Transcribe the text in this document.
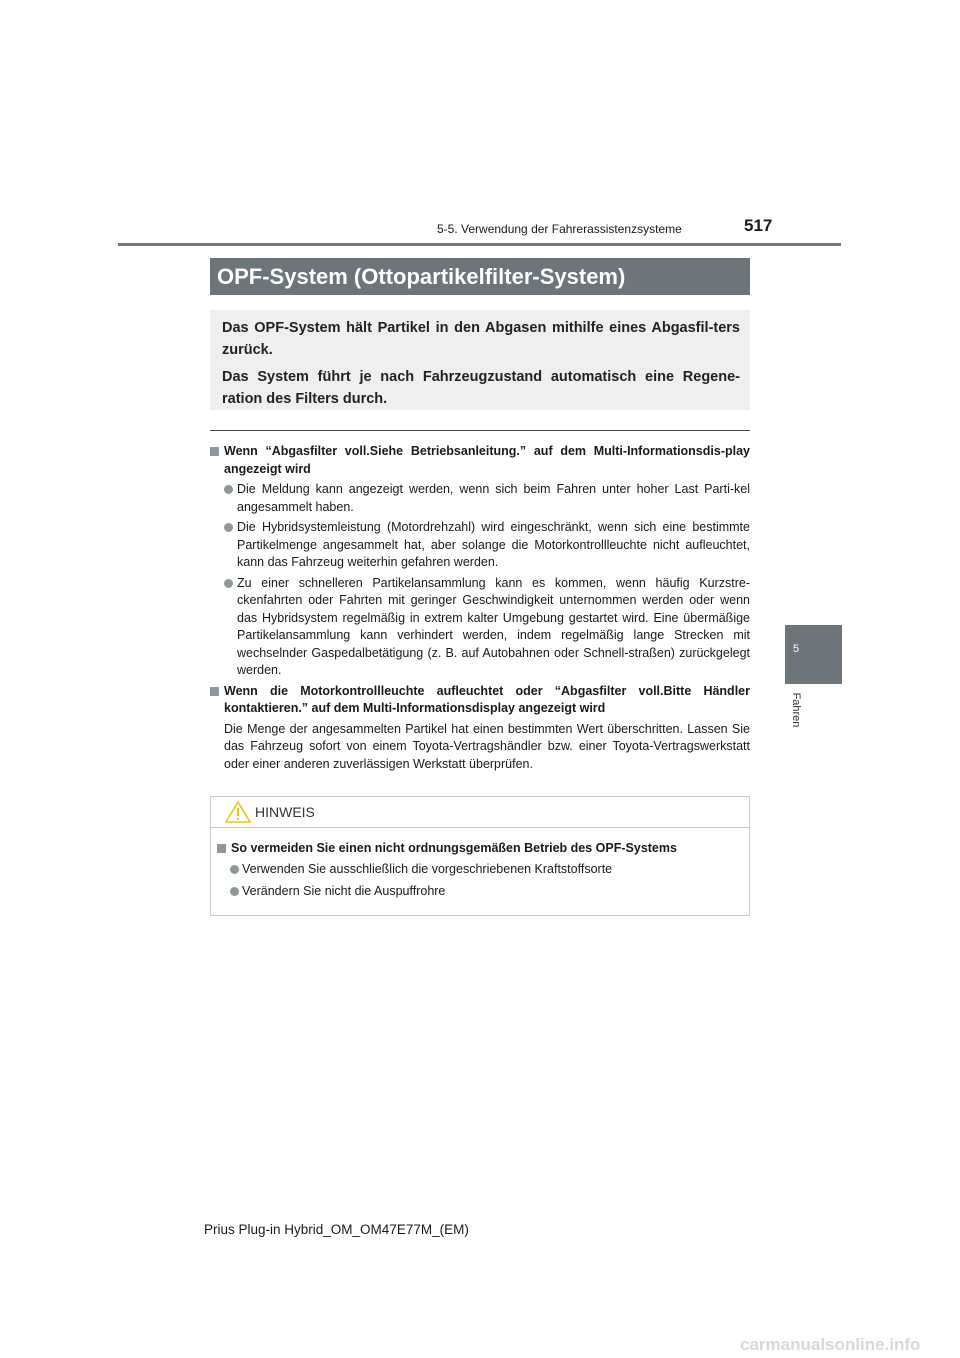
517
5-5. Verwendung der Fahrerassistenzsysteme
5
Fahren
OPF-System (Ottopartikelfilter-System)

Das OPF-System hält Partikel in den Abgasen mithilfe eines Abgasfil-ters zurück.

Das System führt je nach Fahrzeugzustand automatisch eine Regene-ration des Filters durch.

Wenn “Abgasfilter voll.Siehe Betriebsanleitung.” auf dem Multi-Informationsdis-play angezeigt wird
Die Meldung kann angezeigt werden, wenn sich beim Fahren unter hoher Last Parti-kel angesammelt haben.
Die Hybridsystemleistung (Motordrehzahl) wird eingeschränkt, wenn sich eine bestimmte Partikelmenge angesammelt hat, aber solange die Motorkontrollleuchte nicht aufleuchtet, kann das Fahrzeug weiterhin gefahren werden.
Zu einer schnelleren Partikelansammlung kann es kommen, wenn häufig Kurzstre-ckenfahrten oder Fahrten mit geringer Geschwindigkeit unternommen werden oder wenn das Hybridsystem regelmäßig in extrem kalter Umgebung gestartet wird. Eine übermäßige Partikelansammlung kann verhindert werden, indem regelmäßig lange Strecken mit wechselnder Gaspedalbetätigung (z. B. auf Autobahnen oder Schnell-straßen) zurückgelegt werden.
Wenn die Motorkontrollleuchte aufleuchtet oder “Abgasfilter voll.Bitte Händler kontaktieren.” auf dem Multi-Informationsdisplay angezeigt wird
Die Menge der angesammelten Partikel hat einen bestimmten Wert überschritten. Lassen Sie das Fahrzeug sofort von einem Toyota-Vertragshändler bzw. einer Toyota-Vertragswerkstatt oder einer anderen zuverlässigen Werkstatt überprüfen.
HINWEIS
So vermeiden Sie einen nicht ordnungsgemäßen Betrieb des OPF-Systems
Verwenden Sie ausschließlich die vorgeschriebenen Kraftstoffsorte
Verändern Sie nicht die Auspuffrohre
Prius Plug-in Hybrid_OM_OM47E77M_(EM)
carmanualsonline.info
